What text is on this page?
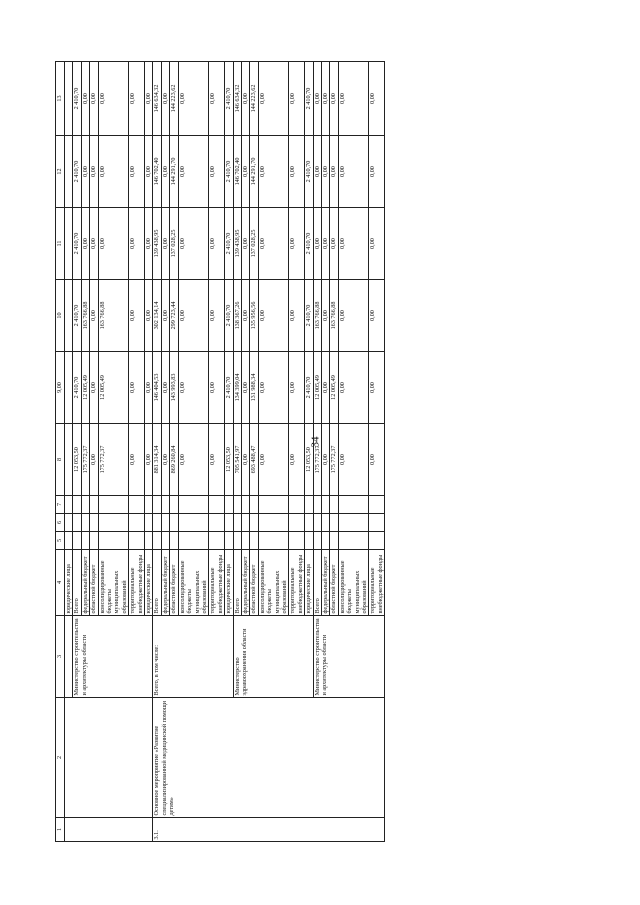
34
1	2	3	4	5	6	7	8	9,00	10	11	12	13
			юридические лица									
		Министерство строительства и архитектуры области	Всего				12 053,50	2 410,70	2 410,70	2 410,70	2 410,70	2 410,70
			федеральный бюджет				175 772,37	12 005,49	163 766,88	0,00	0,00	0,00
			областной бюджет				0,00	0,00	0,00	0,00	0,00	0,00
			консолидированные бюджеты муниципальных образований				175 772,37	12 005,49	163 766,88	0,00	0,00	0,00
			территориальные внебюджетные фонды				0,00	0,00	0,00	0,00	0,00	0,00
			юридические лица				0,00	0,00	0,00	0,00	0,00	0,00
3.1.	Основное мероприятие «Развитие специализированной медицинской помощи детям»	Всего, в том числе:	Всего				881 314,34	146 404,53	302 134,14	139 438,95	146 702,40	146 634,32
			федеральный бюджет				0,00	0,00	0,00	0,00	0,00	0,00
			областной бюджет				869 260,84	143 993,83	299 723,44	137 028,25	144 291,70	144 223,62
			консолидированные бюджеты муниципальных образований				0,00	0,00	0,00	0,00	0,00	0,00
			территориальные внебюджетные фонды				0,00	0,00	0,00	0,00	0,00	0,00
			юридические лица				12 053,50	2 410,70	2 410,70	2 410,70	2 410,70	2 410,70
		Министерство здравоохранения области	Всего				705 541,97	134 399,04	138 367,26	139 438,95	146 702,40	146 634,32
			федеральный бюджет				0,00	0,00	0,00	0,00	0,00	0,00
			областной бюджет				693 488,47	131 988,34	135 956,56	137 028,25	144 291,70	144 223,62
			консолидированные бюджеты муниципальных образований				0,00	0,00	0,00	0,00	0,00	0,00
			территориальные внебюджетные фонды				0,00	0,00	0,00	0,00	0,00	0,00
			юридические лица				12 053,50	2 410,70	2 410,70	2 410,70	2 410,70	2 410,70
		Министерство строительства и архитектуры области	Всего				175 772,37	12 005,49	163 766,88	0,00	0,00	0,00
			федеральный бюджет				0,00	0,00	0,00	0,00	0,00	0,00
			областной бюджет				175 772,37	12 005,49	163 766,88	0,00	0,00	0,00
			консолидированные бюджеты муниципальных образований				0,00	0,00	0,00	0,00	0,00	0,00
			территориальные внебюджетные фонды				0,00	0,00	0,00	0,00	0,00	0,00
